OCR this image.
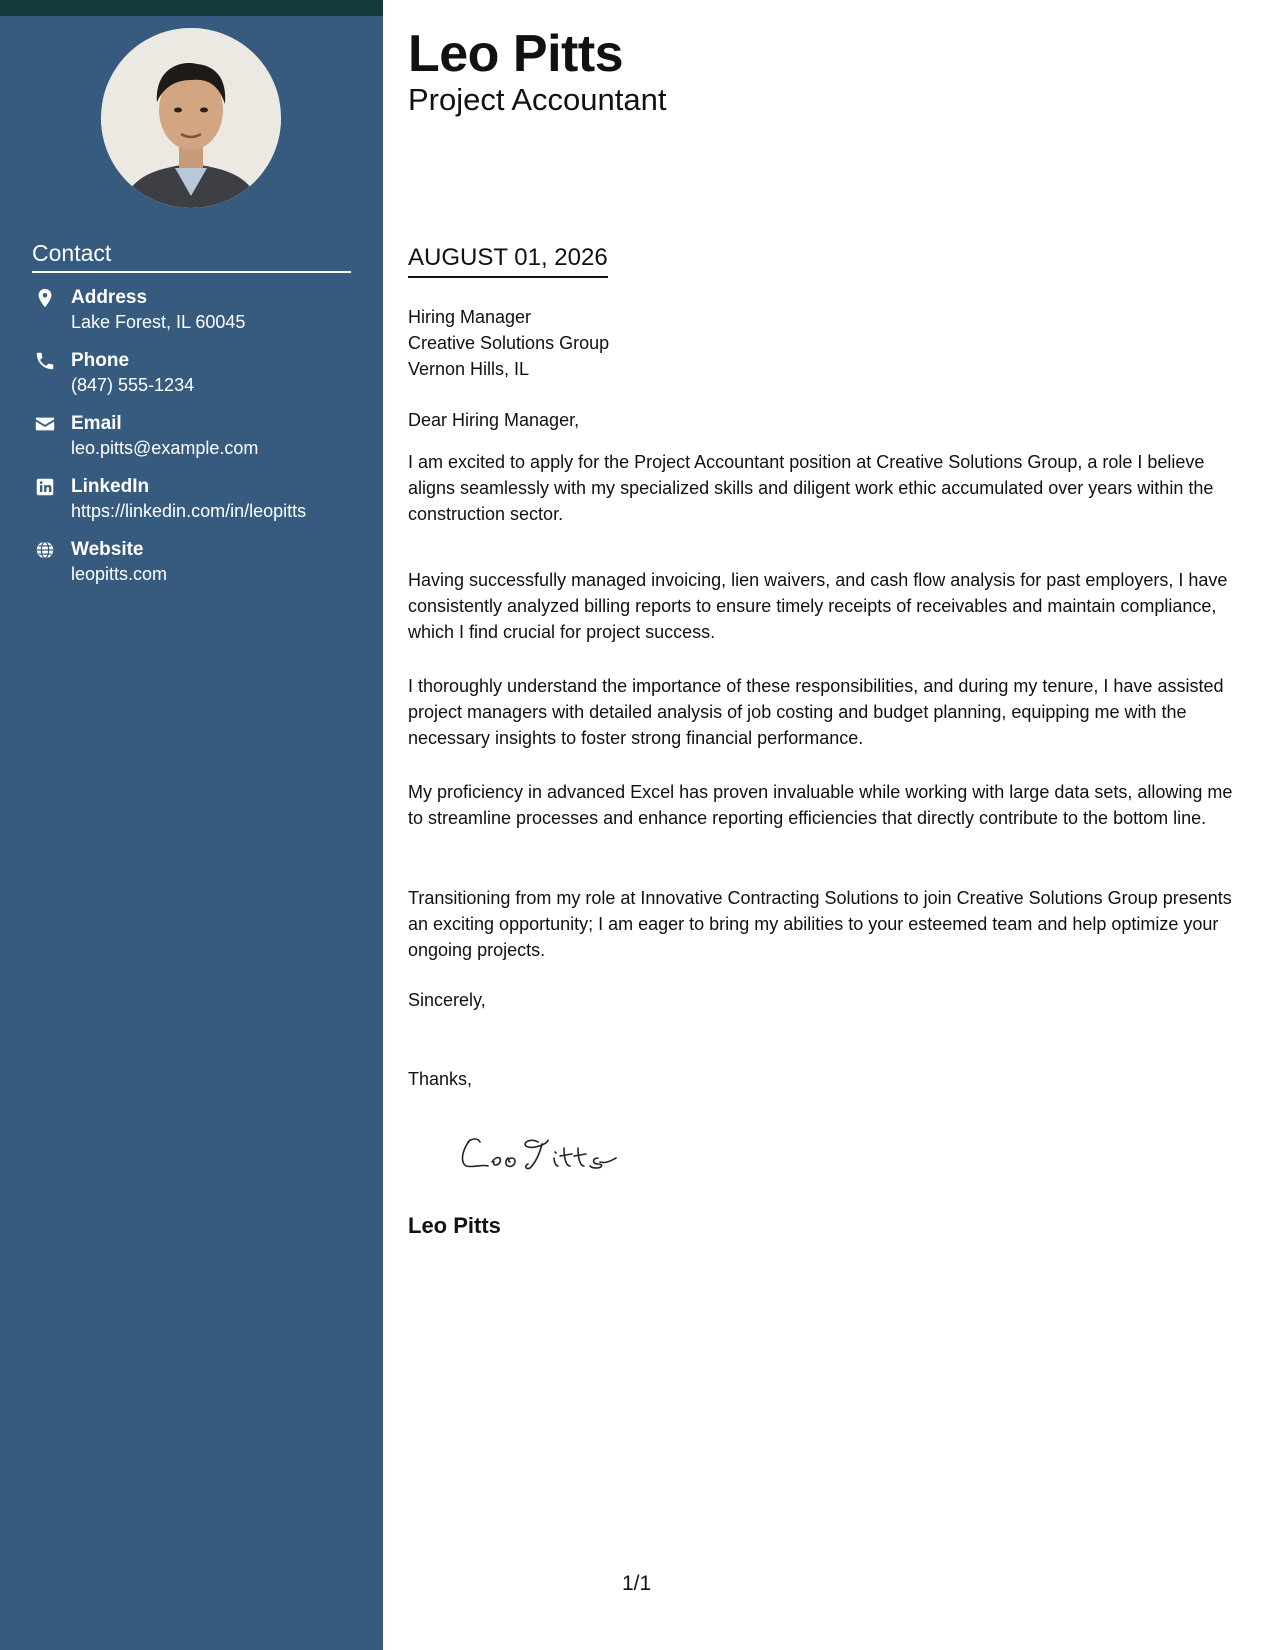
Contact
Address
Lake Forest, IL 60045
Phone
(847) 555-1234
Email
leo.pitts@example.com
LinkedIn
https://linkedin.com/in/leopitts
Website
leopitts.com
Leo Pitts
Project Accountant
AUGUST 01, 2026
Hiring Manager
Creative Solutions Group
Vernon Hills, IL
Dear Hiring Manager,

I am excited to apply for the Project Accountant position at Creative Solutions Group, a role I believe aligns seamlessly with my specialized skills and diligent work ethic accumulated over years within the construction sector.

Having successfully managed invoicing, lien waivers, and cash flow analysis for past employers, I have consistently analyzed billing reports to ensure timely receipts of receivables and maintain compliance, which I find crucial for project success.

I thoroughly understand the importance of these responsibilities, and during my tenure, I have assisted project managers with detailed analysis of job costing and budget planning, equipping me with the necessary insights to foster strong financial performance.

My proficiency in advanced Excel has proven invaluable while working with large data sets, allowing me to streamline processes and enhance reporting efficiencies that directly contribute to the bottom line.

Transitioning from my role at Innovative Contracting Solutions to join Creative Solutions Group presents an exciting opportunity; I am eager to bring my abilities to your esteemed team and help optimize your ongoing projects.

Sincerely,
Thanks,
Leo Pitts
1/1
